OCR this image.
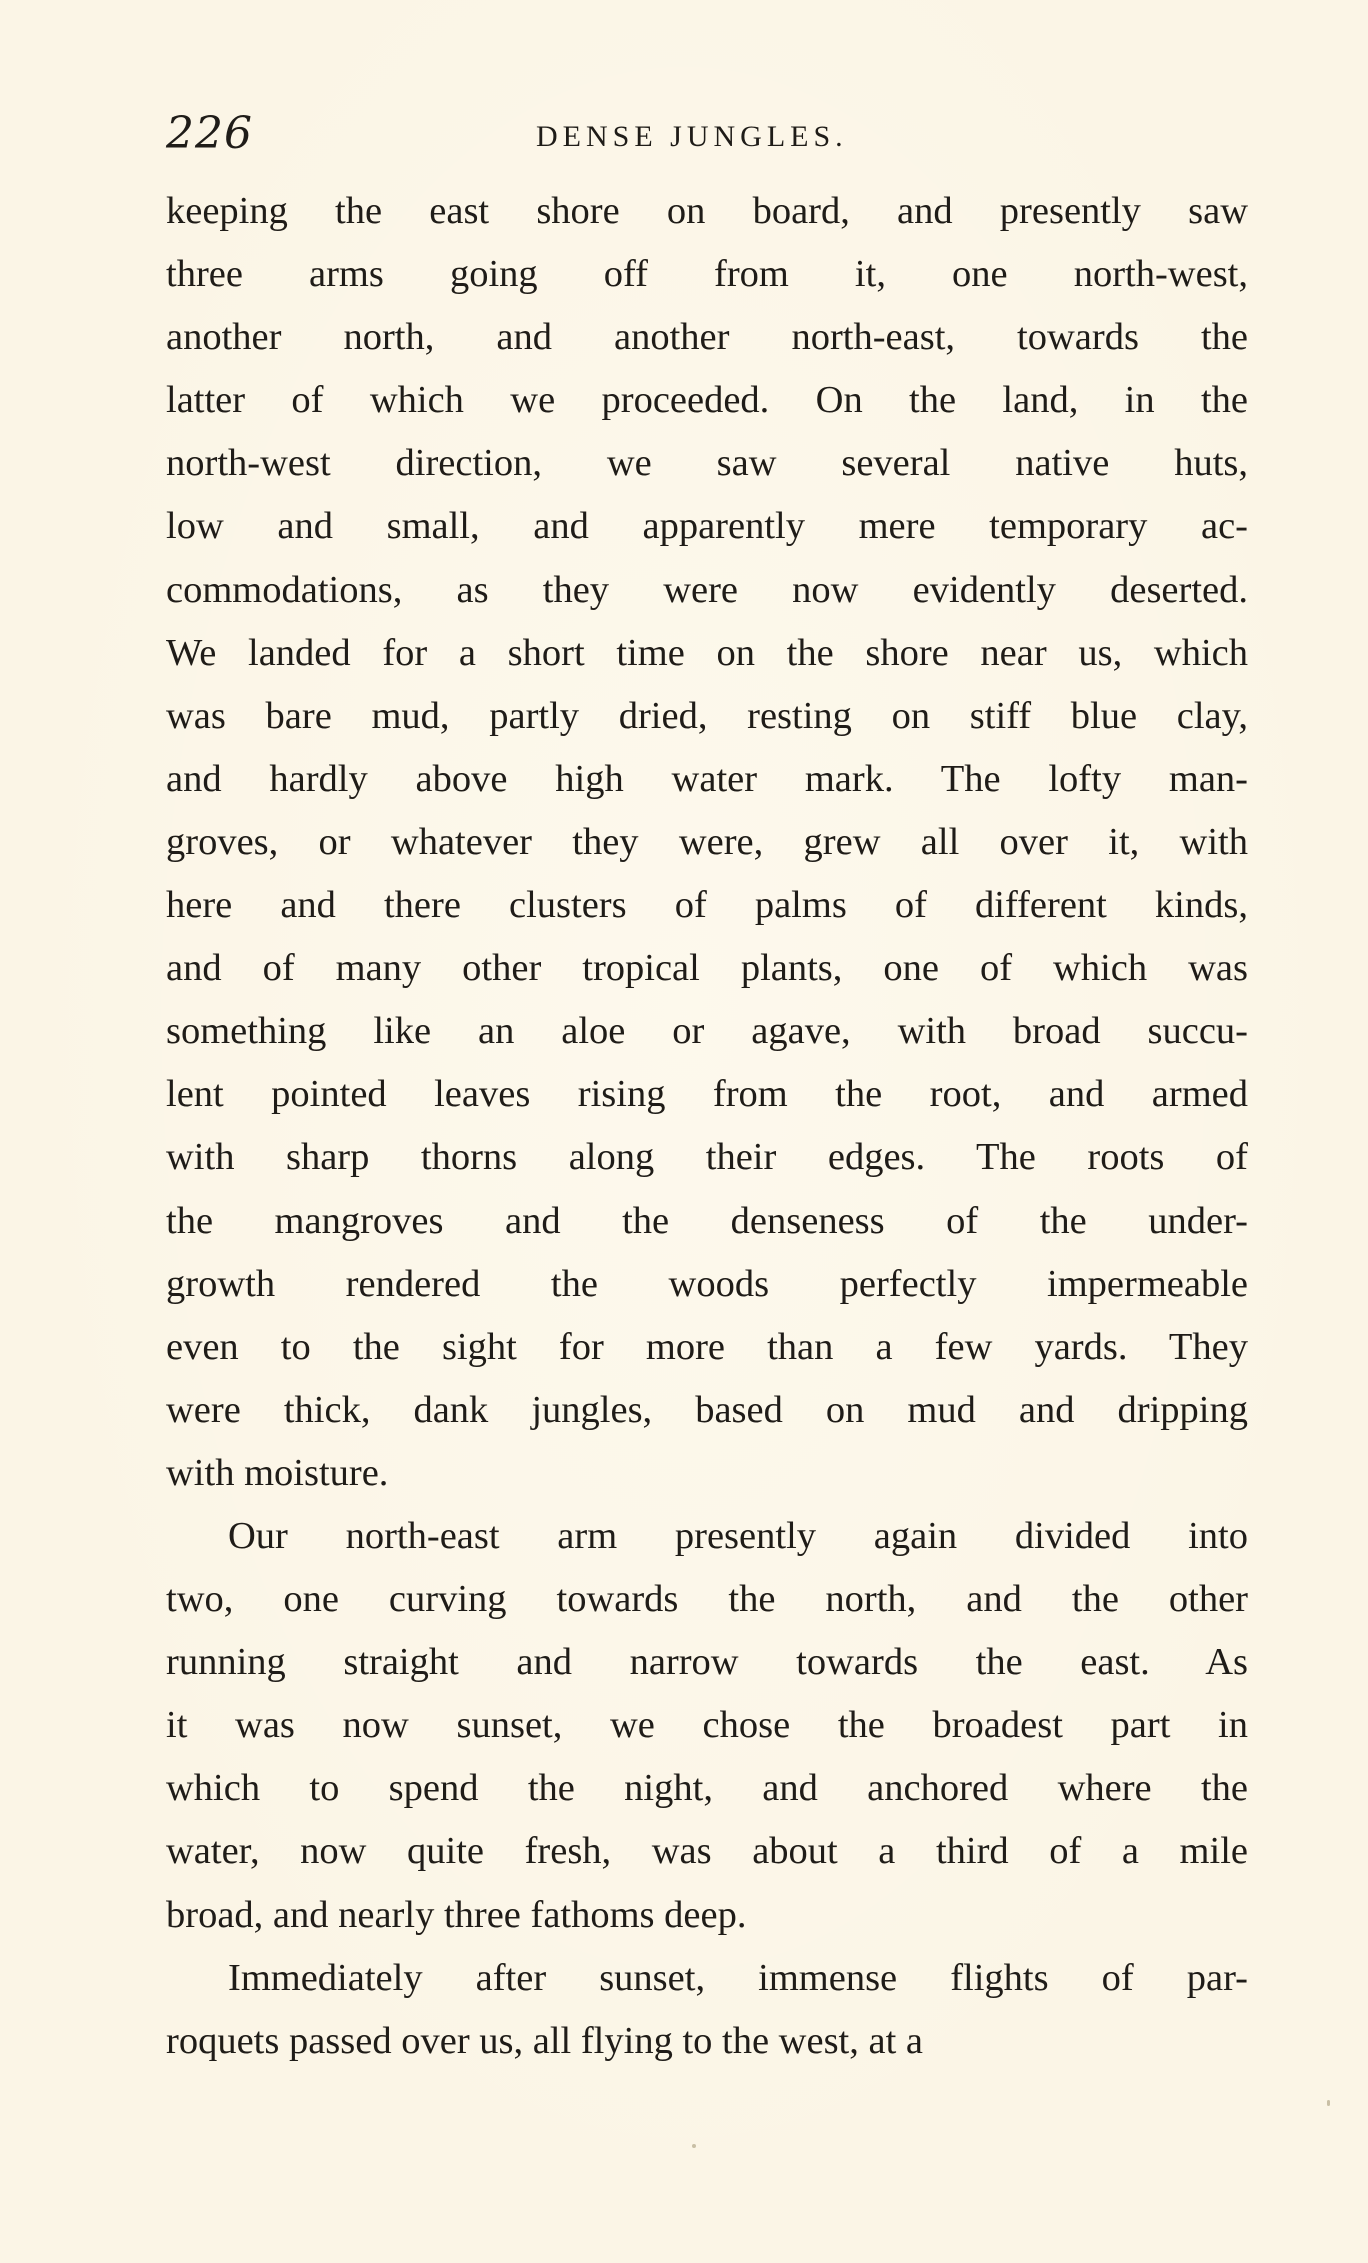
226	DENSE JUNGLES.
keeping the east shore on board, and presently saw
three arms going off from it, one north-west,
another north, and another north-east, towards the
latter of which we proceeded. On the land, in the
north-west direction, we saw several native huts,
low and small, and apparently mere temporary ac-
commodations, as they were now evidently deserted.
We landed for a short time on the shore near us, which
was bare mud, partly dried, resting on stiff blue clay,
and hardly above high water mark. The lofty man-
groves, or whatever they were, grew all over it, with
here and there clusters of palms of different kinds,
and of many other tropical plants, one of which was
something like an aloe or agave, with broad succu-
lent pointed leaves rising from the root, and armed
with sharp thorns along their edges. The roots of
the mangroves and the denseness of the under-
growth rendered the woods perfectly impermeable
even to the sight for more than a few yards. They
were thick, dank jungles, based on mud and dripping
with moisture.
Our north-east arm presently again divided into
two, one curving towards the north, and the other
running straight and narrow towards the east. As
it was now sunset, we chose the broadest part in
which to spend the night, and anchored where the
water, now quite fresh, was about a third of a mile
broad, and nearly three fathoms deep.
Immediately after sunset, immense flights of par-
roquets passed over us, all flying to the west, at a
